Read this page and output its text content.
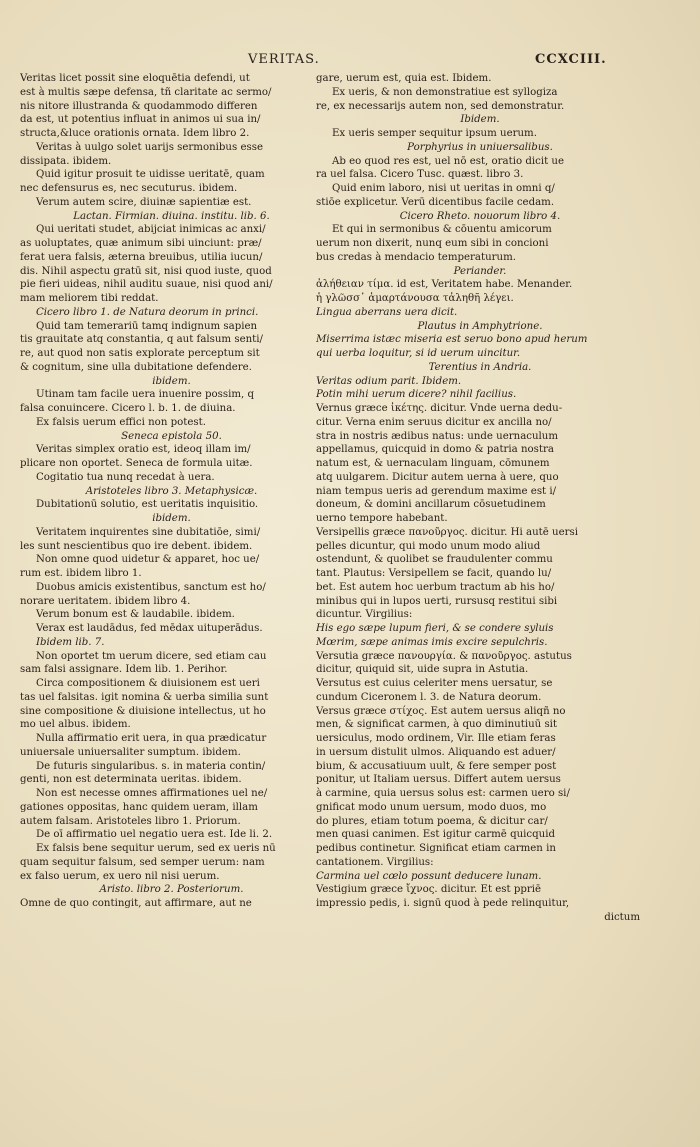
VERITAS.	CCXCIII.
Veritas licet possit sine eloquētia defendi, ut
est à multis sæpe defensa, tñ claritate ac sermo/
nis nitore illustranda & quodammodo differen
da est, ut potentius influat in animos ui sua in/
structa,&luce orationis ornata. Idem libro 2.
Veritas à uulgo solet uarijs sermonibus esse
dissipata. ibidem.
Quid igitur prosuit te uidisse ueritatē, quam
nec defensurus es, nec secuturus. ibidem.
Verum autem scire, diuinæ sapientiæ est.
Lactan. Firmian. diuina. institu. lib. 6.
Qui ueritati studet, abijciat inimicas ac anxi/
as uoluptates, quæ animum sibi uinciunt: præ/
ferat uera falsis, æterna breuibus, utilia iucun/
dis. Nihil aspectu gratū sit, nisi quod iuste, quod
pie fieri uideas, nihil auditu suaue, nisi quod ani/
mam meliorem tibi reddat.
Cicero libro 1. de Natura deorum in princi.
Quid tam temerariū tamq indignum sapien
tis grauitate atq constantia, q aut falsum senti/
re, aut quod non satis explorate perceptum sit
& cognitum, sine ulla dubitatione defendere.
ibidem.
Utinam tam facile uera inuenire possim, q
falsa conuincere. Cicero l. b. 1. de diuina.
Ex falsis uerum effici non potest.
Seneca epistola 50.
Veritas simplex oratio est, ideoq illam im/
plicare non oportet. Seneca de formula uitæ.
Cogitatio tua nunq recedat à uera.
Aristoteles libro 3. Metaphysicæ.
Dubitationū solutio, est ueritatis inquisitio.
ibidem.
Veritatem inquirentes sine dubitatiōe, simi/
les sunt nescientibus quo ire debent. ibidem.
Non omne quod uidetur & apparet, hoc ue/
rum est. ibidem libro 1.
Duobus amicis existentibus, sanctum est ho/
norare ueritatem. ibidem libro 4.
Verum bonum est & laudabile. ibidem.
Verax est laudādus, fed mēdax uituperādus.
Ibidem lib. 7.
Non oportet tm uerum dicere, sed etiam cau
sam falsi assignare. Idem lib. 1. Perihor.
Circa compositionem & diuisionem est ueri
tas uel falsitas. igit nomina & uerba similia sunt
sine compositione & diuisione intellectus, ut ho
mo uel albus. ibidem.
Nulla affirmatio erit uera, in qua prædicatur
uniuersale uniuersaliter sumptum. ibidem.
De futuris singularibus. s. in materia contin/
genti, non est determinata ueritas. ibidem.
Non est necesse omnes affirmationes uel ne/
gationes oppositas, hanc quidem ueram, illam
autem falsam. Aristoteles libro 1. Priorum.
De oī affirmatio uel negatio uera est. Ide li. 2.
Ex falsis bene sequitur uerum, sed ex ueris nū
quam sequitur falsum, sed semper uerum: nam
ex falso uerum, ex uero nil nisi uerum.
Aristo. libro 2. Posteriorum.
Omne de quo contingit, aut affirmare, aut ne
gare, uerum est, quia est. Ibidem.
Ex ueris, & non demonstratiue est syllogiza
re, ex necessarijs autem non, sed demonstratur.
Ibidem.
Ex ueris semper sequitur ipsum uerum.
Porphyrius in uniuersalibus.
Ab eo quod res est, uel nō est, oratio dicit ue
ra uel falsa. Cicero Tusc. quæst. libro 3.
Quid enim laboro, nisi ut ueritas in omni q/
stiōe explicetur. Verū dicentibus facile cedam.
Cicero Rheto. nouorum libro 4.
Et qui in sermonibus & cōuentu amicorum
uerum non dixerit, nunq eum sibi in concioni
bus credas à mendacio temperaturum.
Periander.
ἀλήθειαν τίμα. id est, Veritatem habe. Menander.
ἡ γλῶσσ᾽ ἁμαρτάνουσα τἀληθῆ λέγει.
Lingua aberrans uera dicit.
Plautus in Amphytrione.
Miserrima istæc miseria est seruo bono apud herum
qui uerba loquitur, si id uerum uincitur.
Terentius in Andria.
Veritas odium parit. Ibidem.
Potin mihi uerum dicere? nihil facilius.
Vernus græce ἰκέτης. dicitur. Vnde uerna dedu-
citur. Verna enim seruus dicitur ex ancilla no/
stra in nostris ædibus natus: unde uernaculum
appellamus, quicquid in domo & patria nostra
natum est, & uernaculam linguam, cōmunem
atq uulgarem. Dicitur autem uerna à uere, quo
niam tempus ueris ad gerendum maxime est i/
doneum, & domini ancillarum cōsuetudinem
uerno tempore habebant.
Versipellis græce πανοῦργος. dicitur. Hi autē uersi
pelles dicuntur, qui modo unum modo aliud
ostendunt, & quolibet se fraudulenter commu
tant. Plautus: Versipellem se facit, quando lu/
bet. Est autem hoc uerbum tractum ab his ho/
minibus qui in lupos uerti, rursusq restitui sibi
dicuntur. Virgilius:
His ego sæpe lupum fieri, & se condere syluis
Mœrim, sæpe animas imis excire sepulchris.
Versutia græce πανουργία. & πανοῦργος. astutus
dicitur, quiquid sit, uide supra in Astutia.
Versutus est cuius celeriter mens uersatur, se
cundum Ciceronem l. 3. de Natura deorum.
Versus græce στίχος. Est autem uersus aliqñ no
men, & significat carmen, à quo diminutiuū sit
uersiculus, modo ordinem, Vir. Ille etiam feras
in uersum distulit ulmos. Aliquando est aduer/
bium, & accusatiuum uult, & fere semper post
ponitur, ut Italiam uersus. Differt autem uersus
à carmine, quia uersus solus est: carmen uero si/
gnificat modo unum uersum, modo duos, mo
do plures, etiam totum poema, & dicitur car/
men quasi canimen. Est igitur carmē quicquid
pedibus continetur. Significat etiam carmen in
cantationem. Virgilius:
Carmina uel cœlo possunt deducere lunam.
Vestigium græce ἴχνος. dicitur. Et est ppriē
impressio pedis, i. signū quod à pede relinquitur,
dictum
